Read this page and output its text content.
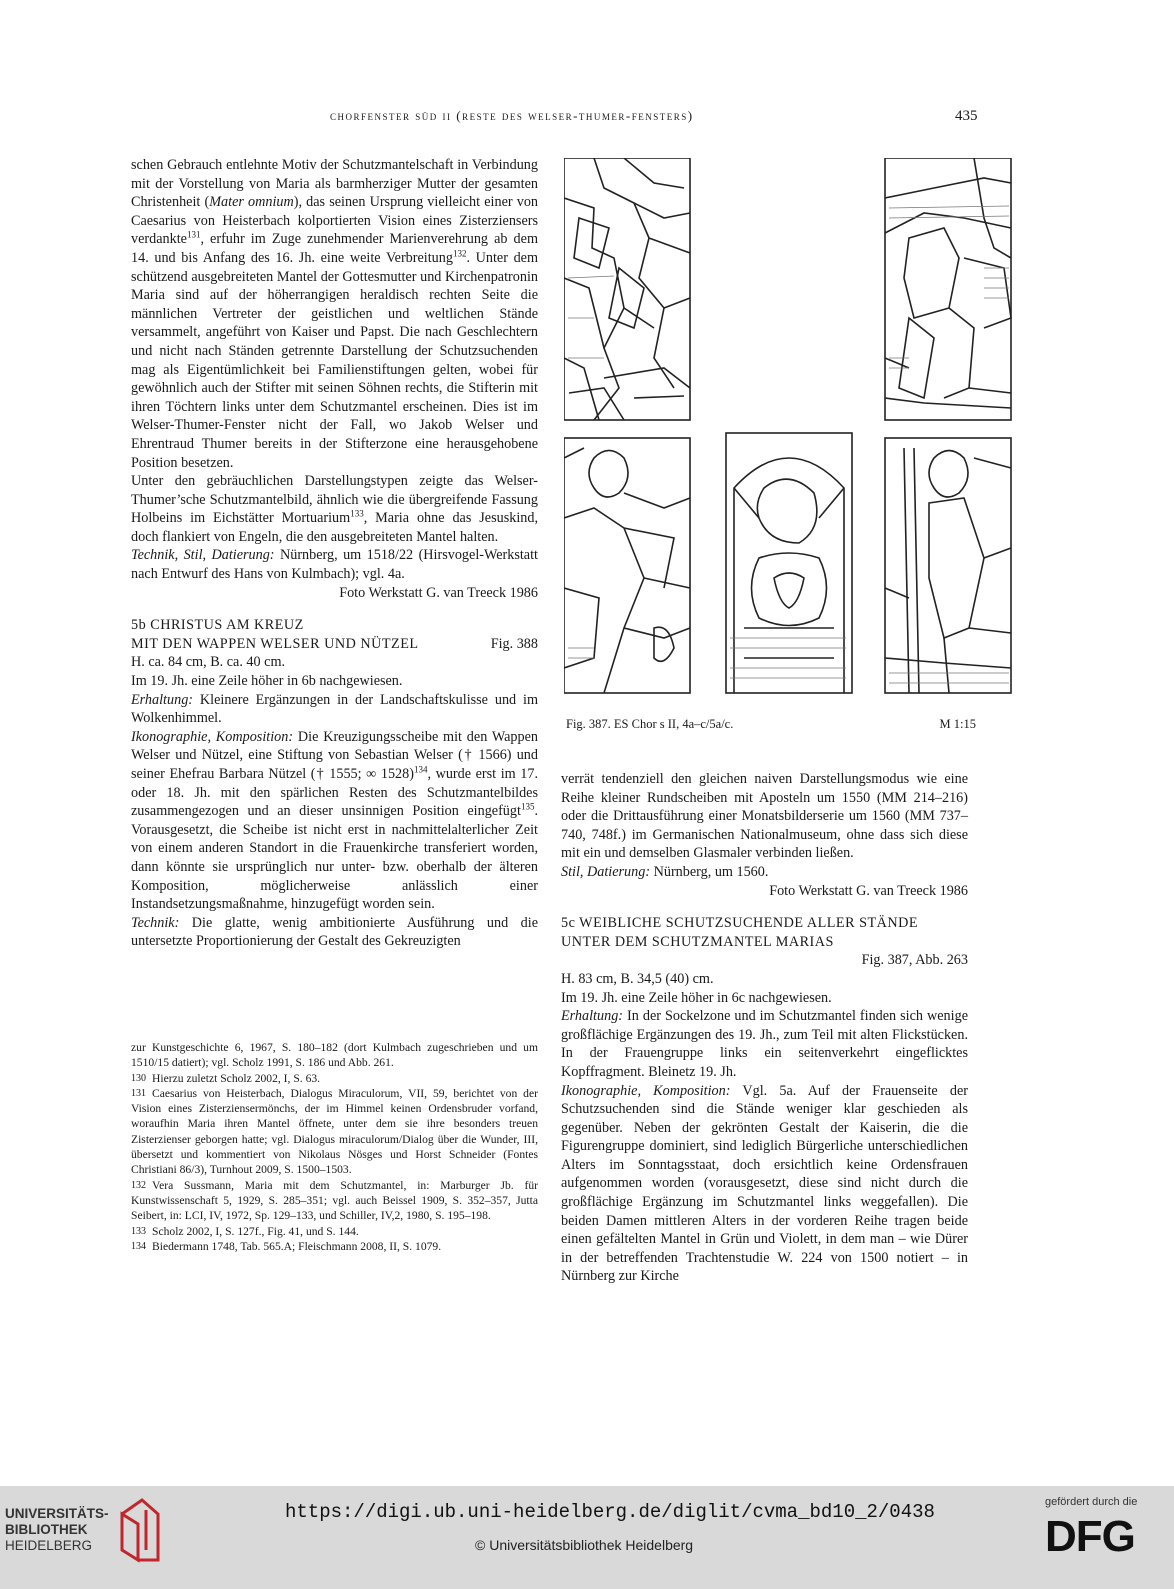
chorfenster süd ii (reste des welser-thumer-fensters)	435

schen Gebrauch entlehnte Motiv der Schutzmantelschaft in Verbindung mit der Vorstellung von Maria als barmherziger Mutter der gesamten Christenheit (Mater omnium), das seinen Ursprung vielleicht einer von Caesarius von Heisterbach kolportierten Vision eines Zisterziensers verdankte$^{131}$, erfuhr im Zuge zunehmender Marienverehrung ab dem 14. und bis Anfang des 16. Jh. eine weite Verbreitung$^{132}$. Unter dem schützend ausgebreiteten Mantel der Gottesmutter und Kirchenpatronin Maria sind auf der höherrangigen heraldisch rechten Seite die männlichen Vertreter der geistlichen und weltlichen Stände versammelt, angeführt von Kaiser und Papst. Die nach Geschlechtern und nicht nach Ständen getrennte Darstellung der Schutzsuchenden mag als Eigentümlichkeit bei Familienstiftungen gelten, wobei für gewöhnlich auch der Stifter mit seinen Söhnen rechts, die Stifterin mit ihren Töchtern links unter dem Schutzmantel erscheinen. Dies ist im Welser-Thumer-Fenster nicht der Fall, wo Jakob Welser und Ehrentraud Thumer bereits in der Stifterzone eine herausgehobene Position besetzen.

Unter den gebräuchlichen Darstellungstypen zeigte das Welser-Thumer’sche Schutzmantelbild, ähnlich wie die übergreifende Fassung Holbeins im Eichstätter Mortuarium$^{133}$, Maria ohne das Jesuskind, doch flankiert von Engeln, die den ausgebreiteten Mantel halten.

Technik, Stil, Datierung: Nürnberg, um 1518/22 (Hirsvogel-Werkstatt nach Entwurf des Hans von Kulmbach); vgl. 4a.

Foto Werkstatt G. van Treeck 1986

5b CHRISTUS AM KREUZ

MIT DEN WAPPEN WELSER UND NÜTZEL	Fig. 388

H. ca. 84 cm, B. ca. 40 cm.

Im 19. Jh. eine Zeile höher in 6b nachgewiesen.

Erhaltung: Kleinere Ergänzungen in der Landschaftskulisse und im Wolkenhimmel.

Ikonographie, Komposition: Die Kreuzigungsscheibe mit den Wappen Welser und Nützel, eine Stiftung von Sebastian Welser († 1566) und seiner Ehefrau Barbara Nützel († 1555; ∞ 1528)$^{134}$, wurde erst im 17. oder 18. Jh. mit den spärlichen Resten des Schutzmantelbildes zusammengezogen und an dieser unsinnigen Position eingefügt$^{135}$. Vorausgesetzt, die Scheibe ist nicht erst in nachmittelalterlicher Zeit von einem anderen Standort in die Frauenkirche transferiert worden, dann könnte sie ursprünglich nur unter- bzw. oberhalb der älteren Komposition, möglicherweise anlässlich einer Instandsetzungsmaßnahme, hinzugefügt worden sein.

Technik: Die glatte, wenig ambitionierte Ausführung und die untersetzte Proportionierung der Gestalt des Gekreuzigten

zur Kunstgeschichte 6, 1967, S. 180–182 (dort Kulmbach zugeschrieben und um 1510/15 datiert); vgl. Scholz 1991, S. 186 und Abb. 261.

130 Hierzu zuletzt Scholz 2002, I, S. 63.

131 Caesarius von Heisterbach, Dialogus Miraculorum, VII, 59, berichtet von der Vision eines Zisterziensermönchs, der im Himmel keinen Ordensbruder vorfand, woraufhin Maria ihren Mantel öffnete, unter dem sie ihre besonders treuen Zisterzienser geborgen hatte; vgl. Dialogus miraculorum/Dialog über die Wunder, III, übersetzt und kommentiert von Nikolaus Nösges und Horst Schneider (Fontes Christiani 86/3), Turnhout 2009, S. 1500–1503.

132 Vera Sussmann, Maria mit dem Schutzmantel, in: Marburger Jb. für Kunstwissenschaft 5, 1929, S. 285–351; vgl. auch Beissel 1909, S. 352–357, Jutta Seibert, in: LCI, IV, 1972, Sp. 129–133, und Schiller, IV,2, 1980, S. 195–198.

133 Scholz 2002, I, S. 127f., Fig. 41, und S. 144.

134 Biedermann 1748, Tab. 565.A; Fleischmann 2008, II, S. 1079.

Fig. 387. ES Chor s II, 4a–c/5a/c.	M 1:15

verrät tendenziell den gleichen naiven Darstellungsmodus wie eine Reihe kleiner Rundscheiben mit Aposteln um 1550 (MM 214–216) oder die Drittausführung einer Monatsbilderserie um 1560 (MM 737–740, 748f.) im Germanischen Nationalmuseum, ohne dass sich diese mit ein und demselben Glasmaler verbinden ließen.

Stil, Datierung: Nürnberg, um 1560.

Foto Werkstatt G. van Treeck 1986

5c WEIBLICHE SCHUTZSUCHENDE ALLER STÄNDE

UNTER DEM SCHUTZMANTEL MARIAS

Fig. 387, Abb. 263

H. 83 cm, B. 34,5 (40) cm.

Im 19. Jh. eine Zeile höher in 6c nachgewiesen.

Erhaltung: In der Sockelzone und im Schutzmantel finden sich wenige großflächige Ergänzungen des 19. Jh., zum Teil mit alten Flickstücken. In der Frauengruppe links ein seitenverkehrt eingeflicktes Kopffragment. Bleinetz 19. Jh.

Ikonographie, Komposition: Vgl. 5a. Auf der Frauenseite der Schutzsuchenden sind die Stände weniger klar geschieden als gegenüber. Neben der gekrönten Gestalt der Kaiserin, die die Figurengruppe dominiert, sind lediglich Bürgerliche unterschiedlichen Alters im Sonntagsstaat, doch ersichtlich keine Ordensfrauen aufgenommen worden (vorausgesetzt, diese sind nicht durch die großflächige Ergänzung im Schutzmantel links weggefallen). Die beiden Damen mittleren Alters in der vorderen Reihe tragen beide einen gefältelten Mantel in Grün und Violett, in dem man – wie Dürer in der betreffenden Trachtenstudie W. 224 von 1500 notiert – in Nürnberg zur Kirche

UNIVERSITÄTS-
BIBLIOTHEK
HEIDELBERG
https://digi.ub.uni-heidelberg.de/diglit/cvma_bd10_2/0438
© Universitätsbibliothek Heidelberg
gefördert durch die
DFG
